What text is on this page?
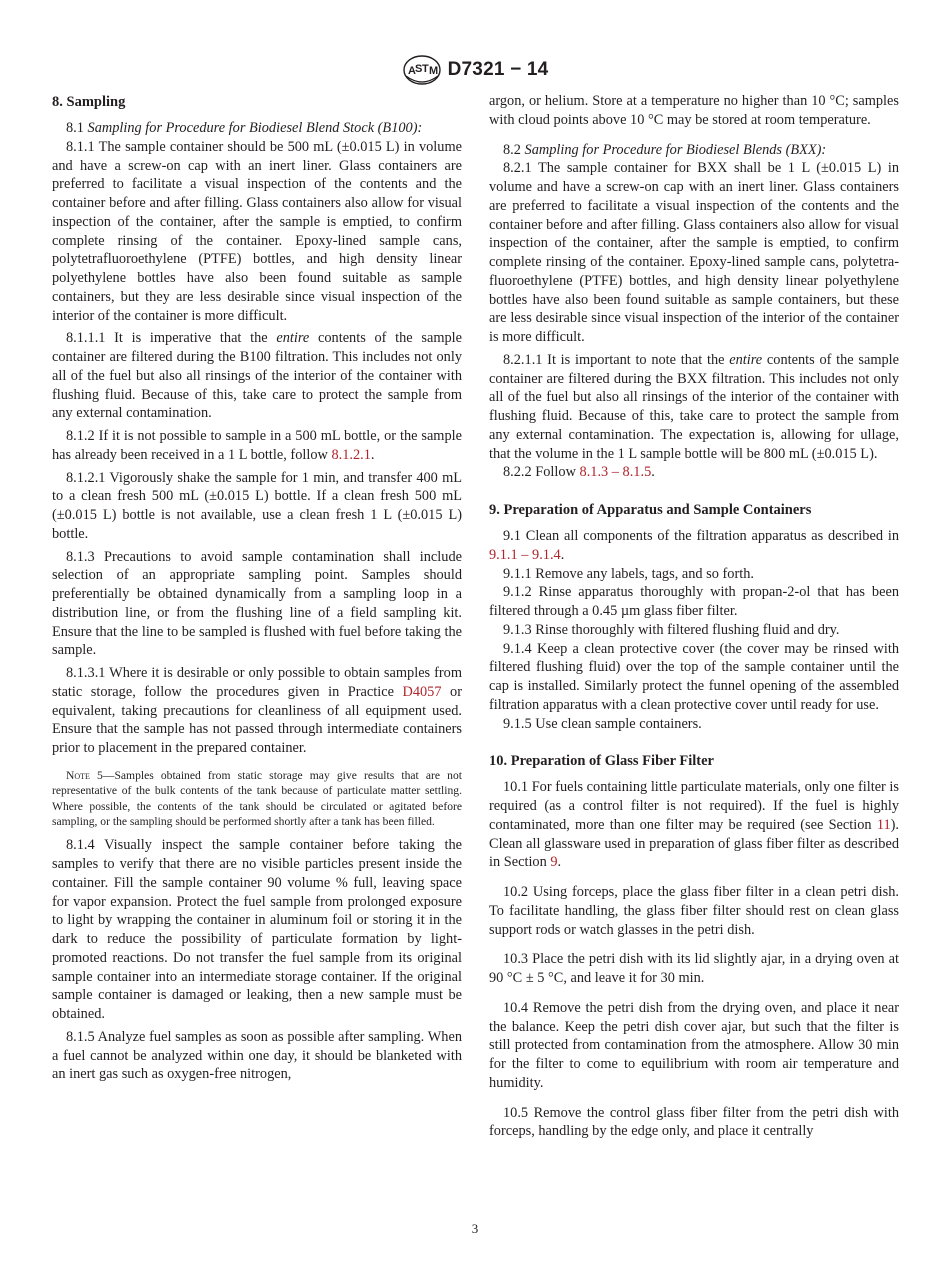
A S T M D7321 − 14
8. Sampling

8.1 Sampling for Procedure for Biodiesel Blend Stock (B100):

8.1.1 The sample container should be 500 mL (±0.015 L) in volume and have a screw-on cap with an inert liner. Glass containers are preferred to facilitate a visual inspection of the contents and the container before and after filling. Glass containers also allow for visual inspection of the container, after the sample is emptied, to confirm complete rinsing of the container. Epoxy-lined sample cans, polytetrafluoroethylene (PTFE) bottles, and high density linear polyethylene bottles have also been found suitable as sample containers, but they are less desirable since visual inspection of the interior of the container is more difficult.

8.1.1.1 It is imperative that the entire contents of the sample container are filtered during the B100 filtration. This includes not only all of the fuel but also all rinsings of the interior of the container with flushing fluid. Because of this, take care to protect the sample from any external contamination.

8.1.2 If it is not possible to sample in a 500 mL bottle, or the sample has already been received in a 1 L bottle, follow 8.1.2.1.

8.1.2.1 Vigorously shake the sample for 1 min, and transfer 400 mL to a clean fresh 500 mL (±0.015 L) bottle. If a clean fresh 500 mL (±0.015 L) bottle is not available, use a clean fresh 1 L (±0.015 L) bottle.

8.1.3 Precautions to avoid sample contamination shall include selection of an appropriate sampling point. Samples should preferentially be obtained dynamically from a sampling loop in a distribution line, or from the flushing line of a field sampling kit. Ensure that the line to be sampled is flushed with fuel before taking the sample.

8.1.3.1 Where it is desirable or only possible to obtain samples from static storage, follow the procedures given in Practice D4057 or equivalent, taking precautions for cleanliness of all equipment used. Ensure that the sample has not passed through intermediate containers prior to placement in the prepared container.

Note 5—Samples obtained from static storage may give results that are not representative of the bulk contents of the tank because of particulate matter settling. Where possible, the contents of the tank should be circulated or agitated before sampling, or the sampling should be performed shortly after a tank has been filled.

8.1.4 Visually inspect the sample container before taking the samples to verify that there are no visible particles present inside the container. Fill the sample container 90 volume % full, leaving space for vapor expansion. Protect the fuel sample from prolonged exposure to light by wrapping the container in aluminum foil or storing it in the dark to reduce the possibility of particulate formation by light-promoted reactions. Do not transfer the fuel sample from its original sample container into an intermediate storage container. If the original sample container is damaged or leaking, then a new sample must be obtained.

8.1.5 Analyze fuel samples as soon as possible after sampling. When a fuel cannot be analyzed within one day, it should be blanketed with an inert gas such as oxygen-free nitrogen,

argon, or helium. Store at a temperature no higher than 10 °C; samples with cloud points above 10 °C may be stored at room temperature.

8.2 Sampling for Procedure for Biodiesel Blends (BXX):

8.2.1 The sample container for BXX shall be 1 L (±0.015 L) in volume and have a screw-on cap with an inert liner. Glass containers are preferred to facilitate a visual inspection of the contents and the container before and after filling. Glass containers also allow for visual inspection of the container, after the sample is emptied, to confirm complete rinsing of the container. Epoxy-lined sample cans, polytetrafluoroethylene (PTFE) bottles, and high density linear polyethylene bottles have also been found suitable as sample containers, but these are less desirable since visual inspection of the interior of the container is more difficult.

8.2.1.1 It is important to note that the entire contents of the sample container are filtered during the BXX filtration. This includes not only all of the fuel but also all rinsings of the interior of the container with flushing fluid. Because of this, take care to protect the sample from any external contamination. The expectation is, allowing for ullage, that the volume in the 1 L sample bottle will be 800 mL (±0.015 L).

8.2.2 Follow 8.1.3 – 8.1.5.

9. Preparation of Apparatus and Sample Containers

9.1 Clean all components of the filtration apparatus as described in 9.1.1 – 9.1.4.

9.1.1 Remove any labels, tags, and so forth.

9.1.2 Rinse apparatus thoroughly with propan-2-ol that has been filtered through a 0.45 µm glass fiber filter.

9.1.3 Rinse thoroughly with filtered flushing fluid and dry.

9.1.4 Keep a clean protective cover (the cover may be rinsed with filtered flushing fluid) over the top of the sample container until the cap is installed. Similarly protect the funnel opening of the assembled filtration apparatus with a clean protective cover until ready for use.

9.1.5 Use clean sample containers.

10. Preparation of Glass Fiber Filter

10.1 For fuels containing little particulate materials, only one filter is required (as a control filter is not required). If the fuel is highly contaminated, more than one filter may be required (see Section 11). Clean all glassware used in preparation of glass fiber filter as described in Section 9.

10.2 Using forceps, place the glass fiber filter in a clean petri dish. To facilitate handling, the glass fiber filter should rest on clean glass support rods or watch glasses in the petri dish.

10.3 Place the petri dish with its lid slightly ajar, in a drying oven at 90 °C ± 5 °C, and leave it for 30 min.

10.4 Remove the petri dish from the drying oven, and place it near the balance. Keep the petri dish cover ajar, but such that the filter is still protected from contamination from the atmosphere. Allow 30 min for the filter to come to equilibrium with room air temperature and humidity.

10.5 Remove the control glass fiber filter from the petri dish with forceps, handling by the edge only, and place it centrally

3
